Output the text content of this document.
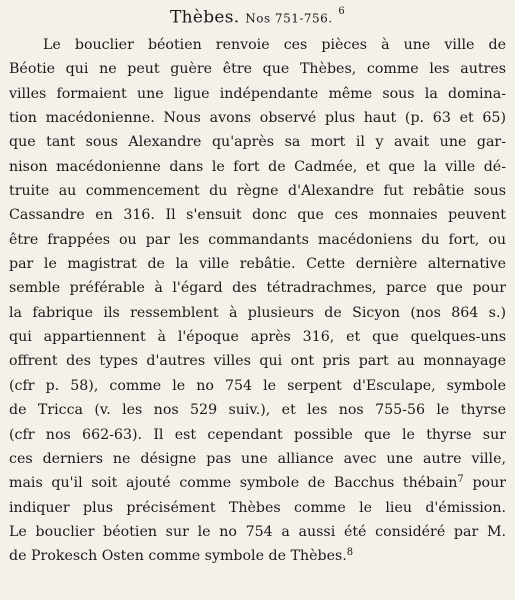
Thèbes. Nos 751-756. $^6$
Le bouclier béotien renvoie ces pièces à une ville de
Béotie qui ne peut guère être que Thèbes, comme les autres
villes formaient une ligue indépendante même sous la domina-
tion macédonienne. Nous avons observé plus haut (p. 63 et 65)
que tant sous Alexandre qu'après sa mort il y avait une gar-
nison macédonienne dans le fort de Cadmée, et que la ville dé-
truite au commencement du règne d'Alexandre fut rebâtie sous
Cassandre en 316. Il s'ensuit donc que ces monnaies peuvent
être frappées ou par les commandants macédoniens du fort, ou
par le magistrat de la ville rebâtie. Cette dernière alternative
semble préférable à l'égard des tétradrachmes, parce que pour
la fabrique ils ressemblent à plusieurs de Sicyon (nos 864 s.)
qui appartiennent à l'époque après 316, et que quelques-uns
offrent des types d'autres villes qui ont pris part au monnayage
(cfr p. 58), comme le no 754 le serpent d'Esculape, symbole
de Tricca (v. les nos 529 suiv.), et les nos 755-56 le thyrse
(cfr nos 662-63). Il est cependant possible que le thyrse sur
ces derniers ne désigne pas une alliance avec une autre ville,
mais qu'il soit ajouté comme symbole de Bacchus thébain$^7$ pour
indiquer plus précisément Thèbes comme le lieu d'émission.
Le bouclier béotien sur le no 754 a aussi été considéré par M.
de Prokesch Osten comme symbole de Thèbes.$^8$
